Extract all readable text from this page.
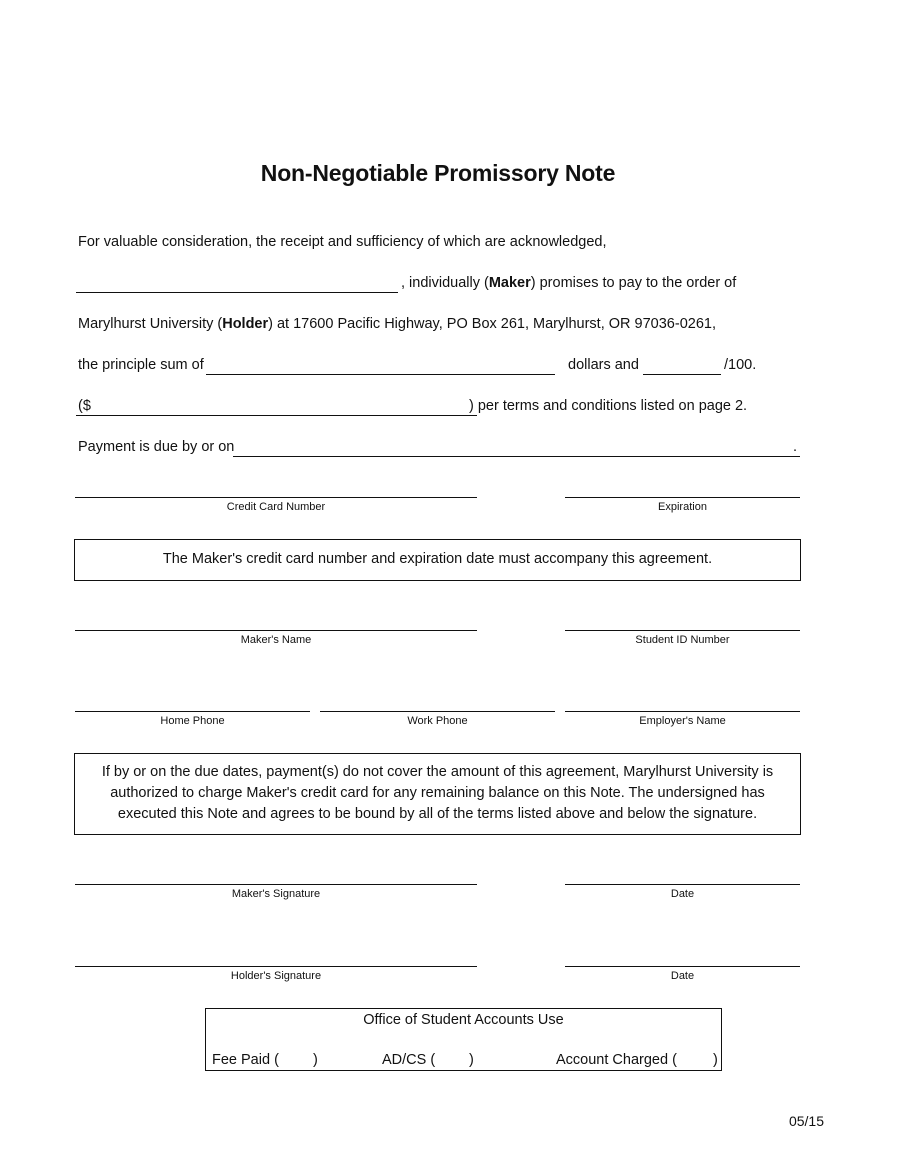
Non-Negotiable Promissory Note
For valuable consideration, the receipt and sufficiency of which are acknowledged,
, individually (Maker) promises to pay to the order of
Marylhurst University (Holder) at 17600 Pacific Highway, PO Box 261, Marylhurst, OR 97036-0261,
the principle sum of	dollars and	/100.
($	) per terms and conditions listed on page 2.
Payment is due by or on	.
Credit Card Number	Expiration
The Maker's credit card number and expiration date must accompany this agreement.
Maker's Name	Student ID Number
Home Phone	Work Phone	Employer's Name
If by or on the due dates, payment(s) do not cover the amount of this agreement, Marylhurst University is
authorized to charge Maker's credit card for any remaining balance on this Note. The undersigned has
executed this Note and agrees to be bound by all of the terms listed above and below the signature.
Maker's Signature	Date
Holder's Signature	Date
Office of Student Accounts Use
Fee Paid ( )	AD/CS ( )	Account Charged ( )
05/15
